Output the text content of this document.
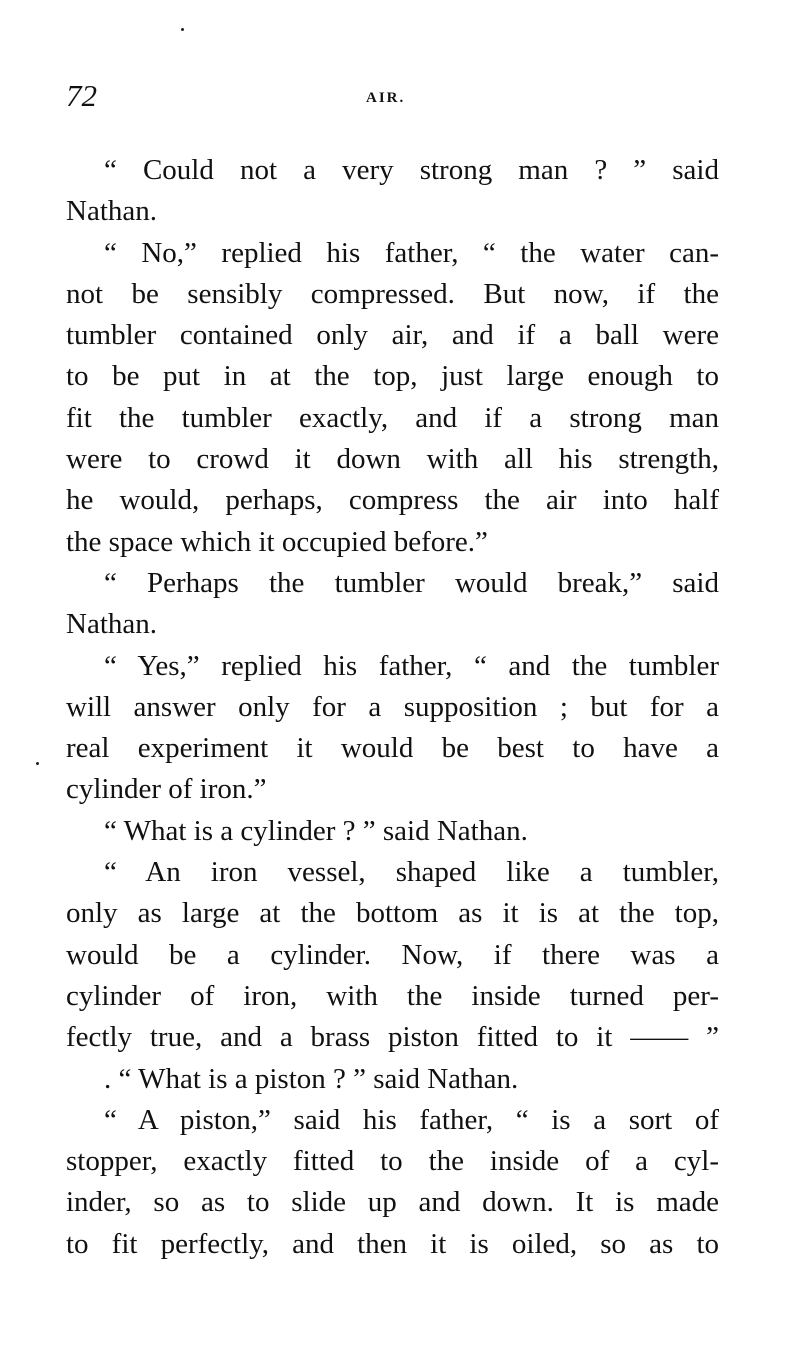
72	AIR.
“ Could not a very strong man ? ” said
Nathan.
“ No,” replied his father, “ the water can-
not be sensibly compressed. But now, if the
tumbler contained only air, and if a ball were
to be put in at the top, just large enough to
fit the tumbler exactly, and if a strong man
were to crowd it down with all his strength,
he would, perhaps, compress the air into half
the space which it occupied before.”
“ Perhaps the tumbler would break,” said
Nathan.
“ Yes,” replied his father, “ and the tumbler
will answer only for a supposition ; but for a
real experiment it would be best to have a
cylinder of iron.”
“ What is a cylinder ? ” said Nathan.
“ An iron vessel, shaped like a tumbler,
only as large at the bottom as it is at the top,
would be a cylinder. Now, if there was a
cylinder of iron, with the inside turned per-
fectly true, and a brass piston fitted to it —— ”
. “ What is a piston ? ” said Nathan.
“ A piston,” said his father, “ is a sort of
stopper, exactly fitted to the inside of a cyl-
inder, so as to slide up and down. It is made
to fit perfectly, and then it is oiled, so as to
